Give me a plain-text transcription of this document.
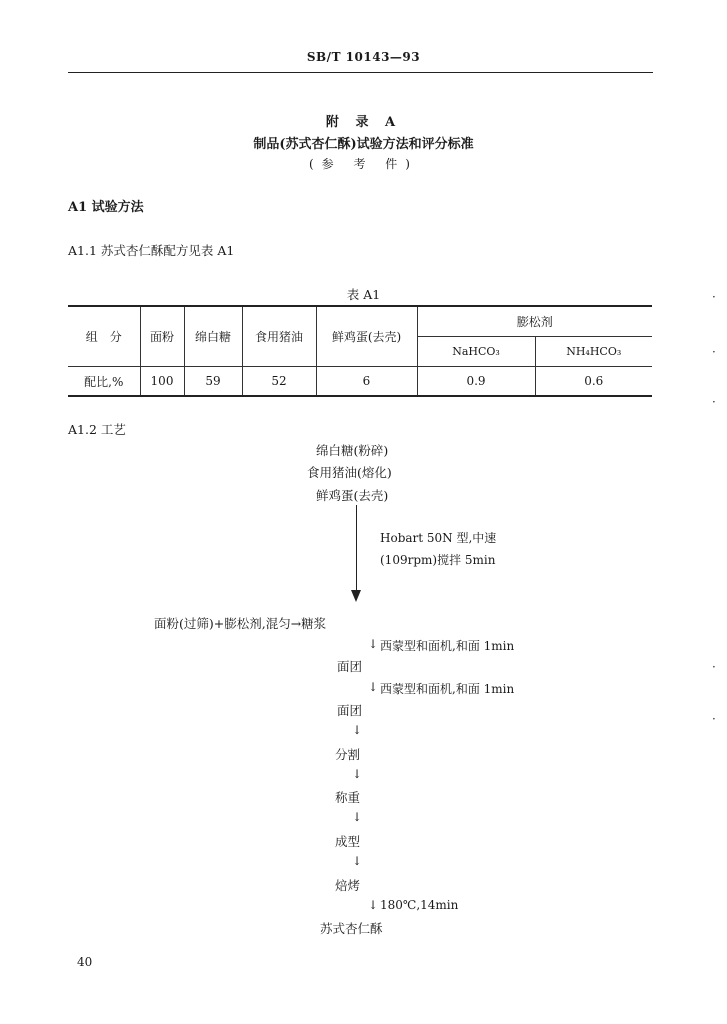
SB/T 10143—93
附 录 A
制品(苏式杏仁酥)试验方法和评分标准
(参 考 件)
A1 试验方法
A1.1 苏式杏仁酥配方见表 A1
表 A1
组　分	面粉	绵白糖	食用猪油	鲜鸡蛋(去壳)	膨松剂	
					NaHCO₃	NH₄HCO₃
配比,%	100	59	52	6	0.9	0.6
A1.2 工艺
绵白糖(粉碎)
食用猪油(熔化)
鲜鸡蛋(去壳)
Hobart 50N 型,中速
(109rpm)搅拌 5min
面粉(过筛)+膨松剂,混匀→糖浆
↓ 西蒙型和面机,和面 1min
面团
↓ 西蒙型和面机,和面 1min
面团
↓
分割
↓
称重
↓
成型
↓
焙烤
↓ 180℃,14min
苏式杏仁酥
40
·
·
·
·
·
